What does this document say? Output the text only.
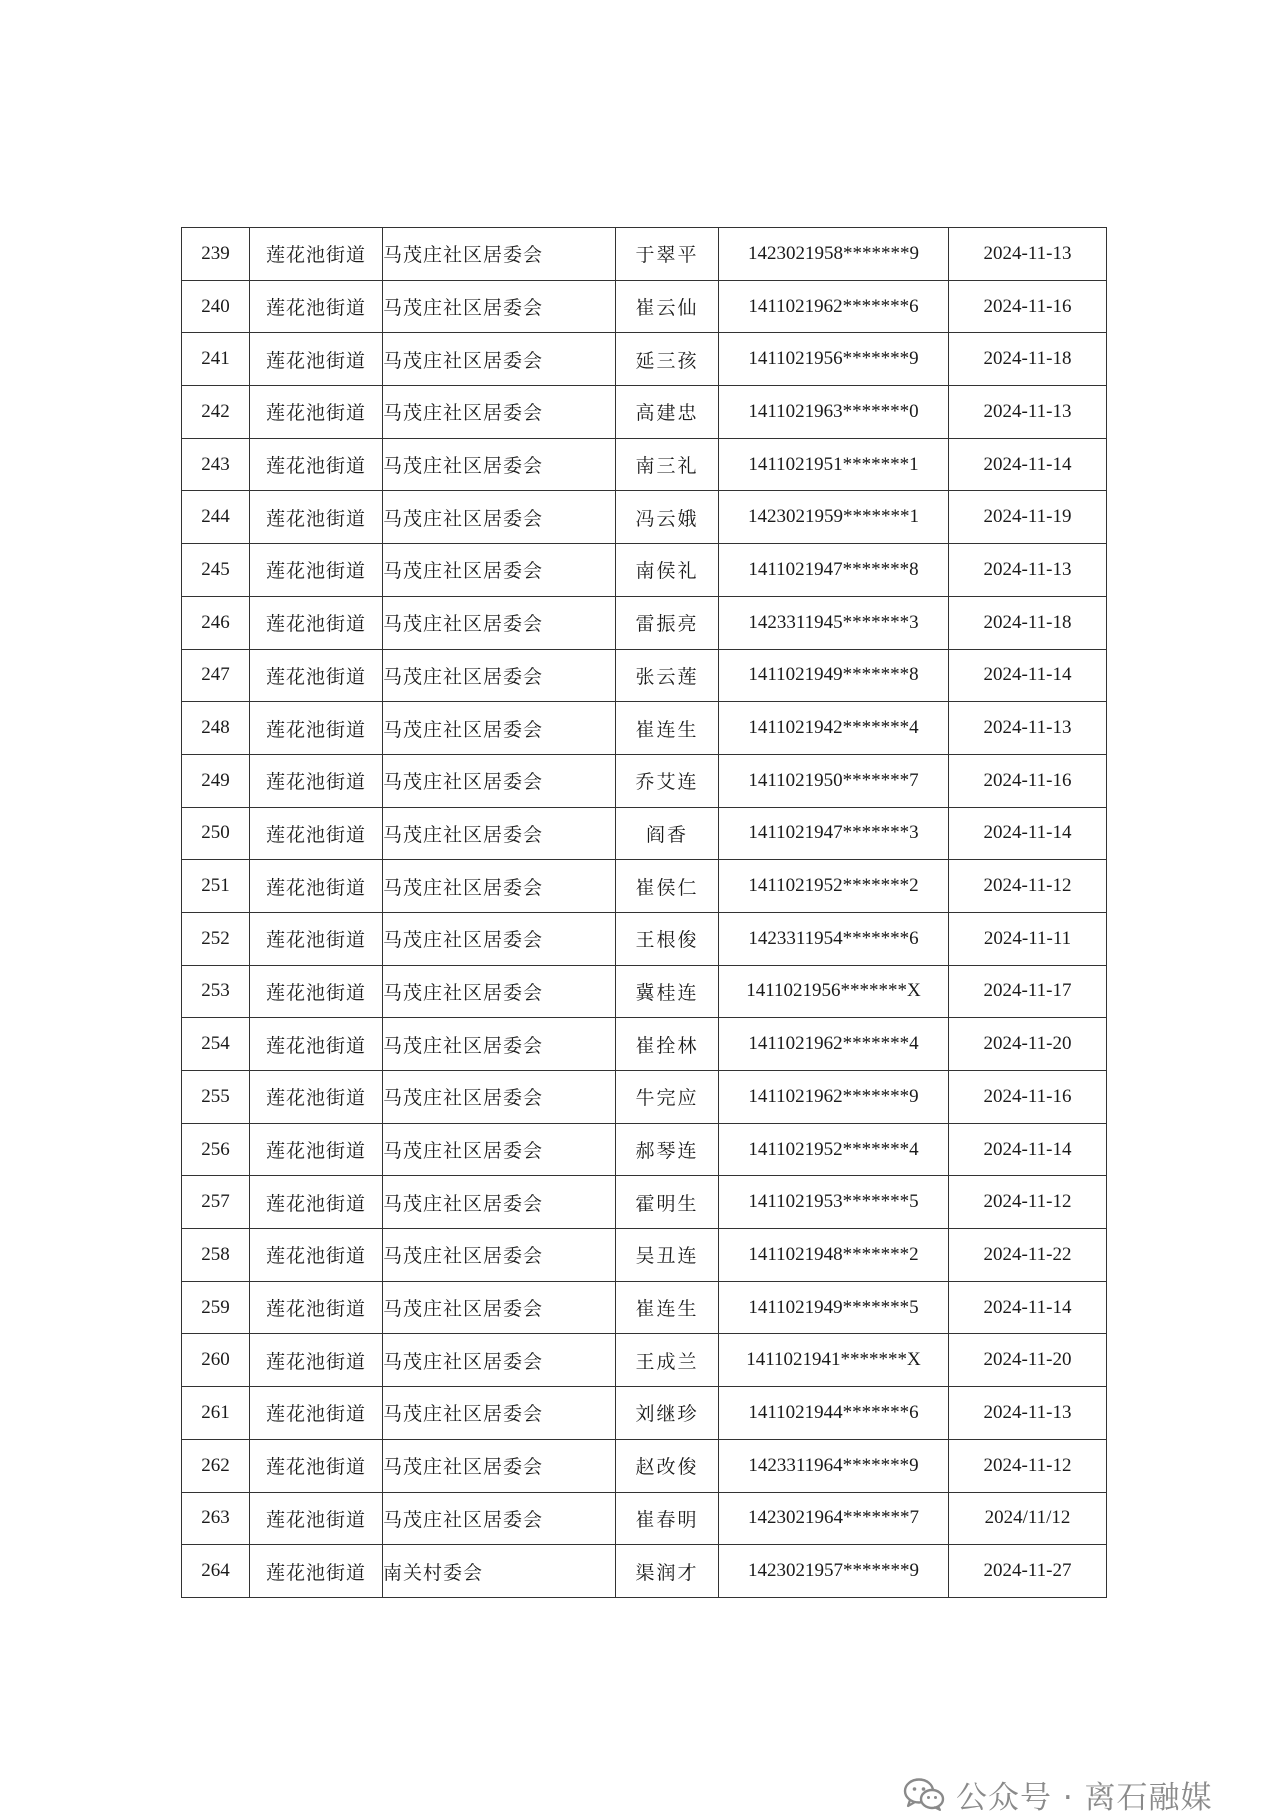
239	莲花池街道	马茂庄社区居委会	于翠平	1423021958*******9	2024-11-13
240	莲花池街道	马茂庄社区居委会	崔云仙	1411021962*******6	2024-11-16
241	莲花池街道	马茂庄社区居委会	延三孩	1411021956*******9	2024-11-18
242	莲花池街道	马茂庄社区居委会	高建忠	1411021963*******0	2024-11-13
243	莲花池街道	马茂庄社区居委会	南三礼	1411021951*******1	2024-11-14
244	莲花池街道	马茂庄社区居委会	冯云娥	1423021959*******1	2024-11-19
245	莲花池街道	马茂庄社区居委会	南侯礼	1411021947*******8	2024-11-13
246	莲花池街道	马茂庄社区居委会	雷振亮	1423311945*******3	2024-11-18
247	莲花池街道	马茂庄社区居委会	张云莲	1411021949*******8	2024-11-14
248	莲花池街道	马茂庄社区居委会	崔连生	1411021942*******4	2024-11-13
249	莲花池街道	马茂庄社区居委会	乔艾连	1411021950*******7	2024-11-16
250	莲花池街道	马茂庄社区居委会	阎香	1411021947*******3	2024-11-14
251	莲花池街道	马茂庄社区居委会	崔侯仁	1411021952*******2	2024-11-12
252	莲花池街道	马茂庄社区居委会	王根俊	1423311954*******6	2024-11-11
253	莲花池街道	马茂庄社区居委会	冀桂连	1411021956*******X	2024-11-17
254	莲花池街道	马茂庄社区居委会	崔拴林	1411021962*******4	2024-11-20
255	莲花池街道	马茂庄社区居委会	牛完应	1411021962*******9	2024-11-16
256	莲花池街道	马茂庄社区居委会	郝琴连	1411021952*******4	2024-11-14
257	莲花池街道	马茂庄社区居委会	霍明生	1411021953*******5	2024-11-12
258	莲花池街道	马茂庄社区居委会	吴丑连	1411021948*******2	2024-11-22
259	莲花池街道	马茂庄社区居委会	崔连生	1411021949*******5	2024-11-14
260	莲花池街道	马茂庄社区居委会	王成兰	1411021941*******X	2024-11-20
261	莲花池街道	马茂庄社区居委会	刘继珍	1411021944*******6	2024-11-13
262	莲花池街道	马茂庄社区居委会	赵改俊	1423311964*******9	2024-11-12
263	莲花池街道	马茂庄社区居委会	崔春明	1423021964*******7	2024/11/12
264	莲花池街道	南关村委会	渠润才	1423021957*******9	2024-11-27
公众号 · 离石融媒
